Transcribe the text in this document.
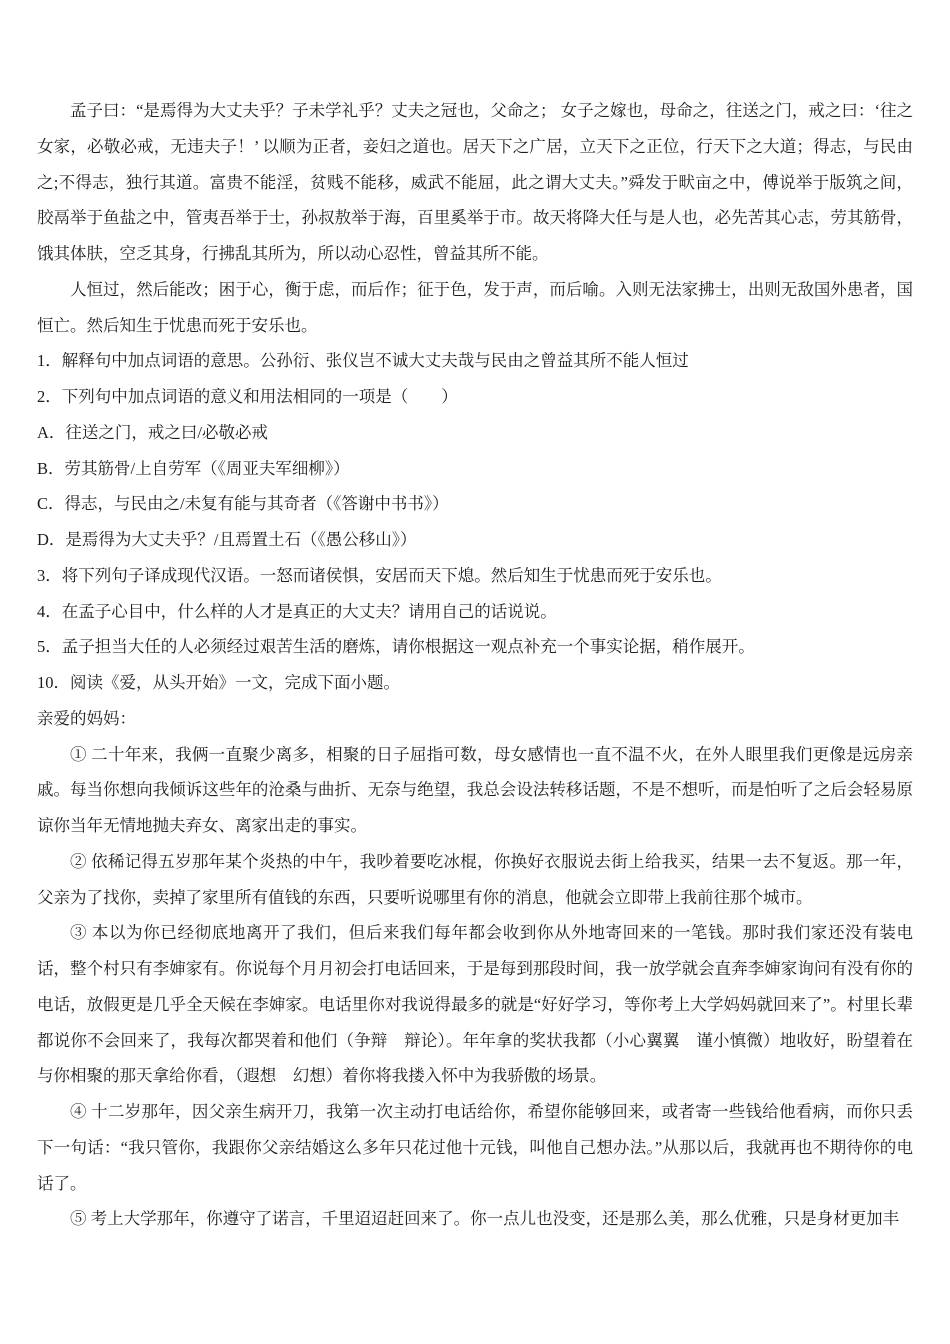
孟子曰：“是焉得为大丈夫乎？子未学礼乎？丈夫之冠也，父命之； 女子之嫁也，母命之，往送之门，戒之曰：‘往之女家，必敬必戒，无违夫子！’ 以顺为正者，妾妇之道也。居天下之广居，立天下之正位，行天下之大道；得志，与民由之;不得志，独行其道。富贵不能淫，贫贱不能移，威武不能屈，此之谓大丈夫。”舜发于畎亩之中，傅说举于版筑之间，胶鬲举于鱼盐之中，管夷吾举于士，孙叔敖举于海，百里奚举于市。故天将降大任与是人也，必先苦其心志，劳其筋骨，饿其体肤，空乏其身，行拂乱其所为，所以动心忍性，曾益其所不能。

人恒过，然后能改；困于心，衡于虑，而后作；征于色，发于声，而后喻。入则无法家拂士，出则无敌国外患者，国恒亡。然后知生于忧患而死于安乐也。

1．解释句中加点词语的意思。公孙衍、张仪岂不诚大丈夫哉与民由之曾益其所不能人恒过

2．下列句中加点词语的意义和用法相同的一项是（　　）

A．往送之门，戒之曰/必敬必戒

B．劳其筋骨/上自劳军（《周亚夫军细柳》）

C．得志，与民由之/未复有能与其奇者（《答谢中书书》）

D．是焉得为大丈夫乎？/且焉置土石（《愚公移山》）

3．将下列句子译成现代汉语。一怒而诸侯惧，安居而天下熄。然后知生于忧患而死于安乐也。

4．在孟子心目中，什么样的人才是真正的大丈夫？请用自己的话说说。

5．孟子担当大任的人必须经过艰苦生活的磨炼，请你根据这一观点补充一个事实论据，稍作展开。

10．阅读《爱，从头开始》一文，完成下面小题。

亲爱的妈妈：

① 二十年来，我俩一直聚少离多，相聚的日子屈指可数，母女感情也一直不温不火，在外人眼里我们更像是远房亲戚。每当你想向我倾诉这些年的沧桑与曲折、无奈与绝望，我总会设法转移话题，不是不想听，而是怕听了之后会轻易原谅你当年无情地抛夫弃女、离家出走的事实。

② 依稀记得五岁那年某个炎热的中午，我吵着要吃冰棍，你换好衣服说去街上给我买，结果一去不复返。那一年，父亲为了找你，卖掉了家里所有值钱的东西，只要听说哪里有你的消息，他就会立即带上我前往那个城市。

③ 本以为你已经彻底地离开了我们，但后来我们每年都会收到你从外地寄回来的一笔钱。那时我们家还没有装电话，整个村只有李婶家有。你说每个月月初会打电话回来，于是每到那段时间，我一放学就会直奔李婶家询问有没有你的电话，放假更是几乎全天候在李婶家。电话里你对我说得最多的就是“好好学习，等你考上大学妈妈就回来了”。村里长辈都说你不会回来了，我每次都哭着和他们（争辩　辩论）。年年拿的奖状我都（小心翼翼　谨小慎微）地收好，盼望着在与你相聚的那天拿给你看，（遐想　幻想）着你将我搂入怀中为我骄傲的场景。

④ 十二岁那年，因父亲生病开刀，我第一次主动打电话给你，希望你能够回来，或者寄一些钱给他看病，而你只丢下一句话：“我只管你，我跟你父亲结婚这么多年只花过他十元钱，叫他自己想办法。”从那以后，我就再也不期待你的电话了。

⑤ 考上大学那年，你遵守了诺言，千里迢迢赶回来了。你一点儿也没变，还是那么美，那么优雅，只是身材更加丰
